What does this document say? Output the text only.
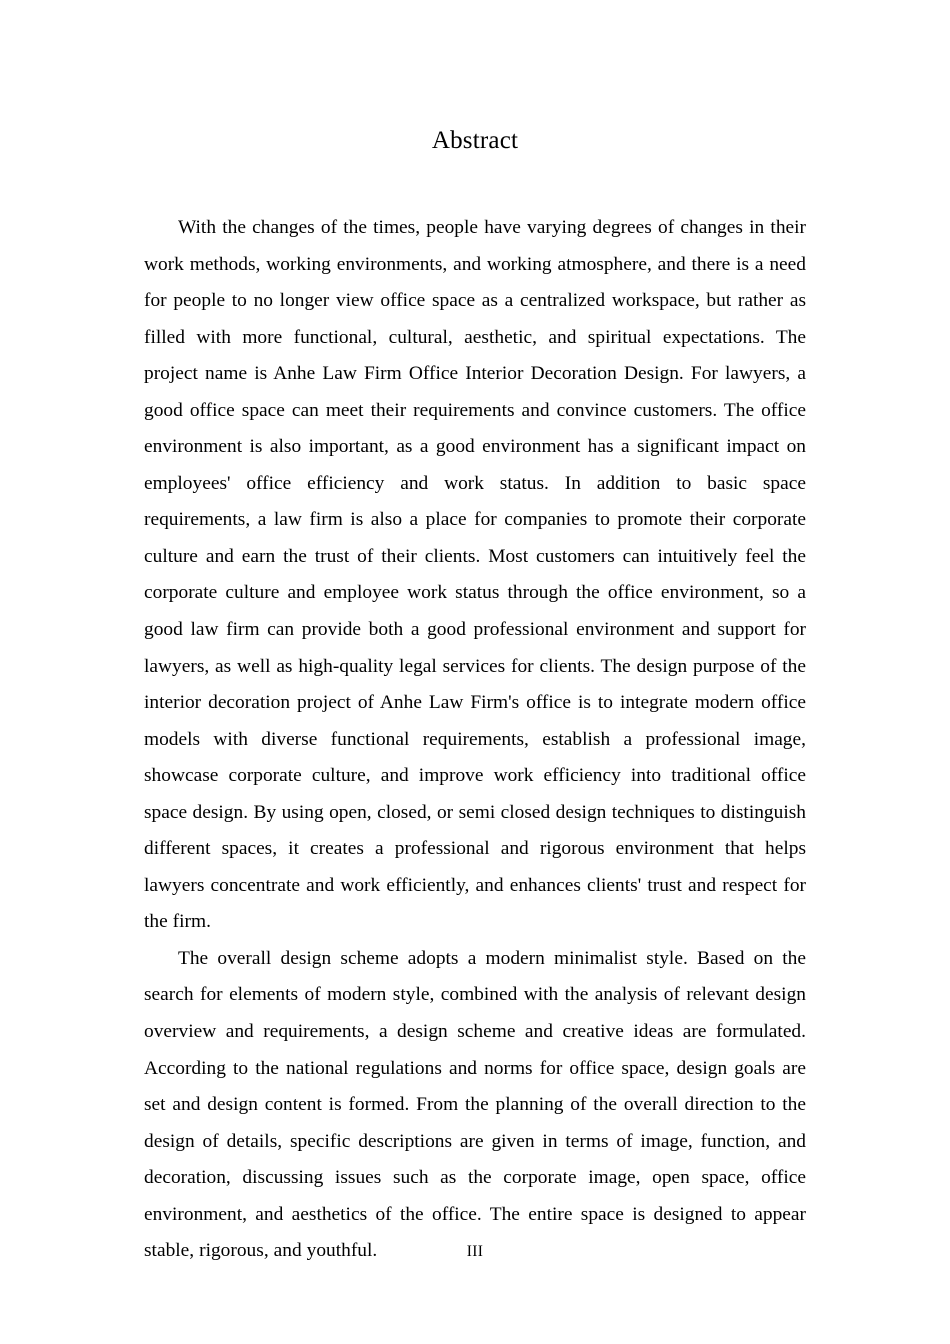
Abstract

With the changes of the times, people have varying degrees of changes in their work methods, working environments, and working atmosphere, and there is a need for people to no longer view office space as a centralized workspace, but rather as filled with more functional, cultural, aesthetic, and spiritual expectations. The project name is Anhe Law Firm Office Interior Decoration Design. For lawyers, a good office space can meet their requirements and convince customers. The office environment is also important, as a good environment has a significant impact on employees' office efficiency and work status. In addition to basic space requirements, a law firm is also a place for companies to promote their corporate culture and earn the trust of their clients. Most customers can intuitively feel the corporate culture and employee work status through the office environment, so a good law firm can provide both a good professional environment and support for lawyers, as well as high-quality legal services for clients. The design purpose of the interior decoration project of Anhe Law Firm's office is to integrate modern office models with diverse functional requirements, establish a professional image, showcase corporate culture, and improve work efficiency into traditional office space design. By using open, closed, or semi closed design techniques to distinguish different spaces, it creates a professional and rigorous environment that helps lawyers concentrate and work efficiently, and enhances clients' trust and respect for the firm.

The overall design scheme adopts a modern minimalist style. Based on the search for elements of modern style, combined with the analysis of relevant design overview and requirements, a design scheme and creative ideas are formulated. According to the national regulations and norms for office space, design goals are set and design content is formed. From the planning of the overall direction to the design of details, specific descriptions are given in terms of image, function, and decoration, discussing issues such as the corporate image, open space, office environment, and aesthetics of the office. The entire space is designed to appear stable, rigorous, and youthful.	III
